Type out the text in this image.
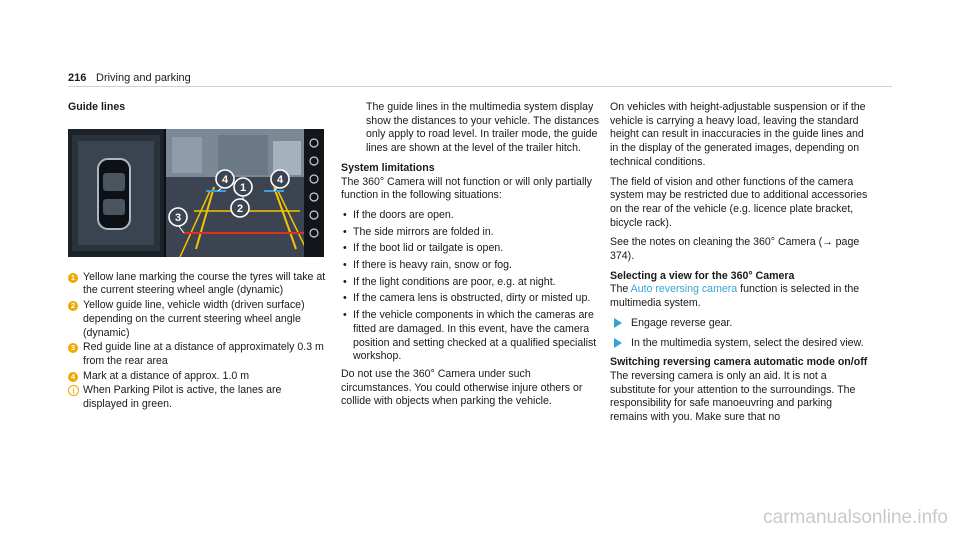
216 Driving and parking
Guide lines
4
1
4
3
2
1 Yellow lane marking the course the tyres will take at the current steering wheel angle (dynamic)
2 Yellow guide line, vehicle width (driven surface) depending on the current steering wheel angle (dynamic)
3 Red guide line at a distance of approximately 0.3 m from the rear area
4 Mark at a distance of approx. 1.0 m
When Parking Pilot is active, the lanes are displayed in green.

The guide lines in the multimedia system display show the distances to your vehicle. The distances only apply to road level. In trailer mode, the guide lines are shown at the level of the trailer hitch.

System limitations

The 360° Camera will not function or will only partially function in the following situations:

• If the doors are open.
• The side mirrors are folded in.
• If the boot lid or tailgate is open.
• If there is heavy rain, snow or fog.
• If the light conditions are poor, e.g. at night.
• If the camera lens is obstructed, dirty or misted up.
• If the vehicle components in which the cameras are fitted are damaged. In this event, have the camera position and setting checked at a qualified specialist workshop.

Do not use the 360° Camera under such circumstances. You could otherwise injure others or collide with objects when parking the vehicle.

On vehicles with height-adjustable suspension or if the vehicle is carrying a heavy load, leaving the standard height can result in inaccuracies in the guide lines and in the display of the generated images, depending on technical conditions.

The field of vision and other functions of the camera system may be restricted due to additional accessories on the rear of the vehicle (e.g. licence plate bracket, bicycle rack).

See the notes on cleaning the 360° Camera (→ page 374).

Selecting a view for the 360° Camera

The Auto reversing camera function is selected in the multimedia system.

Engage reverse gear.
In the multimedia system, select the desired view.
Switching reversing camera automatic mode on/off

The reversing camera is only an aid. It is not a substitute for your attention to the surroundings. The responsibility for safe manoeuvring and parking remains with you. Make sure that no

carmanualsonline.info
